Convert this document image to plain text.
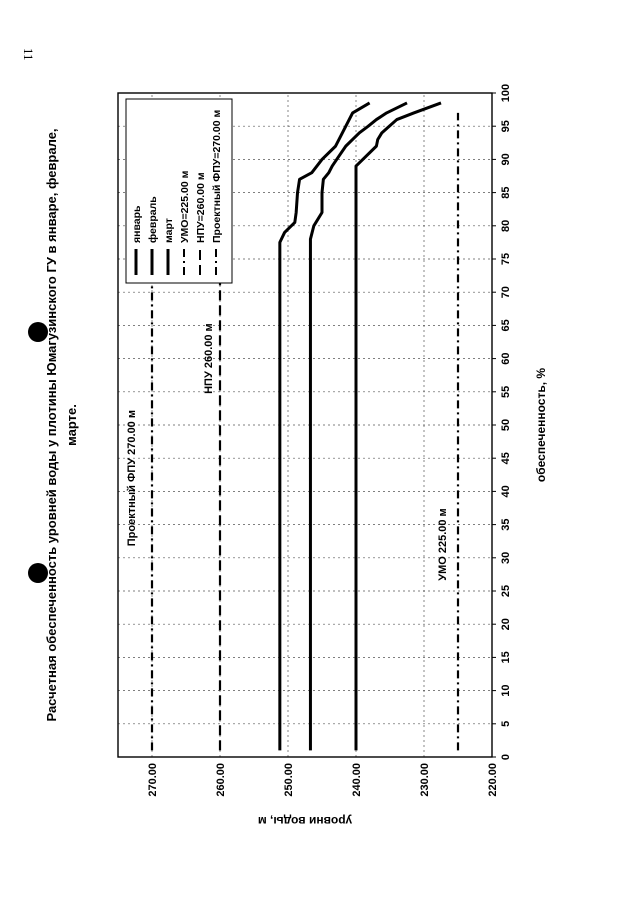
11
Расчетная обеспеченность уровней воды у плотины Юмагузинского ГУ в январе, феврале, марте.
220.00
230.00
240.00
250.00
260.00
270.00
0
5
10
15
20
25
30
35
40
45
50
55
60
65
70
75
80
85
90
95
100
обеспеченность, %
уровни воды, м
Проектный ФПУ 270.00 м
НПУ 260.00 м
УМО 225.00 м
январь февраль март УМО=225.00 м НПУ=260.00 м Проектный ФПУ=270.00 м
